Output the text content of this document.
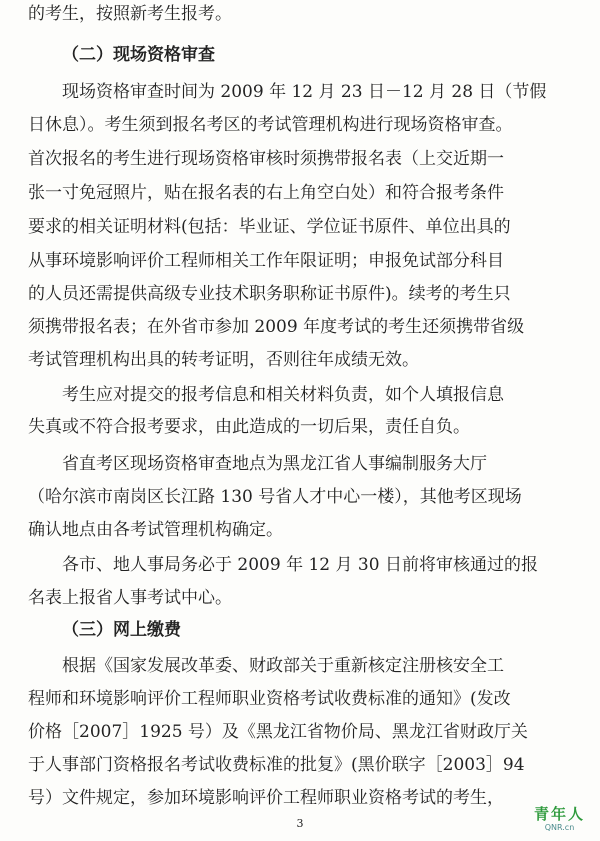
的考生，按照新考生报考。
（二）现场资格审查
现场资格审查时间为 2009 年 12 月 23 日－12 月 28 日（节假
日休息）。考生须到报名考区的考试管理机构进行现场资格审查。
首次报名的考生进行现场资格审核时须携带报名表（上交近期一
张一寸免冠照片，贴在报名表的右上角空白处）和符合报考条件
要求的相关证明材料(包括：毕业证、学位证书原件、单位出具的
从事环境影响评价工程师相关工作年限证明；申报免试部分科目
的人员还需提供高级专业技术职务职称证书原件)。续考的考生只
须携带报名表；在外省市参加 2009 年度考试的考生还须携带省级
考试管理机构出具的转考证明，否则往年成绩无效。
考生应对提交的报考信息和相关材料负责，如个人填报信息
失真或不符合报考要求，由此造成的一切后果，责任自负。
省直考区现场资格审查地点为黑龙江省人事编制服务大厅
（哈尔滨市南岗区长江路 130 号省人才中心一楼），其他考区现场
确认地点由各考试管理机构确定。
各市、地人事局务必于 2009 年 12 月 30 日前将审核通过的报
名表上报省人事考试中心。
（三）网上缴费
根据《国家发展改革委、财政部关于重新核定注册核安全工
程师和环境影响评价工程师职业资格考试收费标准的通知》(发改
价格［2007］1925 号）及《黑龙江省物价局、黑龙江省财政厅关
于人事部门资格报名考试收费标准的批复》(黑价联字［2003］94
号）文件规定，参加环境影响评价工程师职业资格考试的考生，
3
青年人
QNR.cn
